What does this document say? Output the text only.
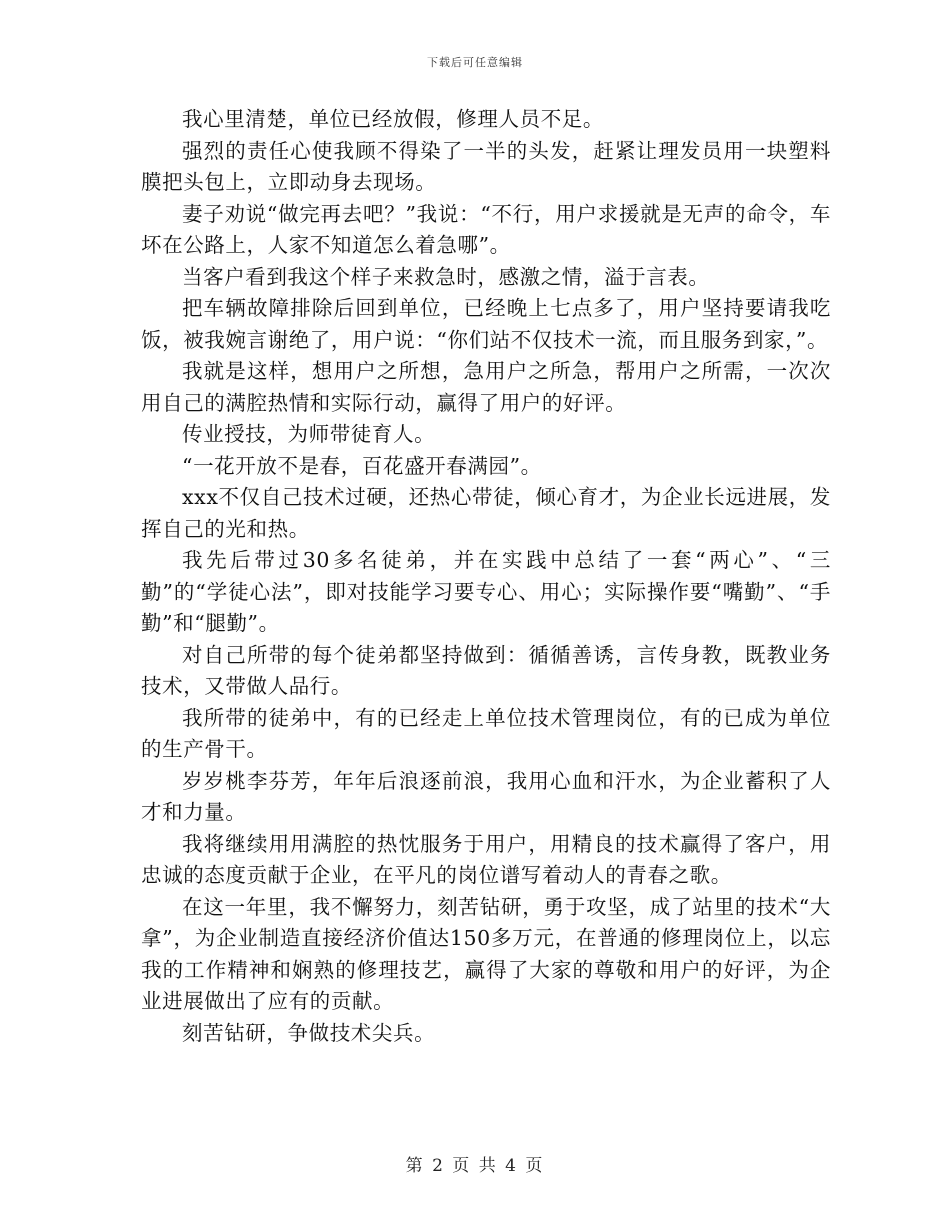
下载后可任意编辑

我心里清楚，单位已经放假，修理人员不足。

强烈的责任心使我顾不得染了一半的头发，赶紧让理发员用一块塑料膜把头包上，立即动身去现场。

妻子劝说“做完再去吧？”我说：“不行，用户求援就是无声的命令，车坏在公路上，人家不知道怎么着急哪”。

当客户看到我这个样子来救急时，感激之情，溢于言表。

把车辆故障排除后回到单位，已经晚上七点多了，用户坚持要请我吃饭，被我婉言谢绝了，用户说：“你们站不仅技术一流，而且服务到家，”。

我就是这样，想用户之所想，急用户之所急，帮用户之所需，一次次用自己的满腔热情和实际行动，赢得了用户的好评。

传业授技，为师带徒育人。

“一花开放不是春，百花盛开春满园”。

xxx不仅自己技术过硬，还热心带徒，倾心育才，为企业长远进展，发挥自己的光和热。

我先后带过30多名徒弟，并在实践中总结了一套“两心”、“三勤”的“学徒心法”，即对技能学习要专心、用心；实际操作要“嘴勤”、“手勤”和“腿勤”。

对自己所带的每个徒弟都坚持做到：循循善诱，言传身教，既教业务技术，又带做人品行。

我所带的徒弟中，有的已经走上单位技术管理岗位，有的已成为单位的生产骨干。

岁岁桃李芬芳，年年后浪逐前浪，我用心血和汗水，为企业蓄积了人才和力量。

我将继续用用满腔的热忱服务于用户，用精良的技术赢得了客户，用忠诚的态度贡献于企业，在平凡的岗位谱写着动人的青春之歌。

在这一年里，我不懈努力，刻苦钻研，勇于攻坚，成了站里的技术“大拿”，为企业制造直接经济价值达150多万元，在普通的修理岗位上，以忘我的工作精神和娴熟的修理技艺，赢得了大家的尊敬和用户的好评，为企业进展做出了应有的贡献。

刻苦钻研，争做技术尖兵。

第 2 页 共 4 页
